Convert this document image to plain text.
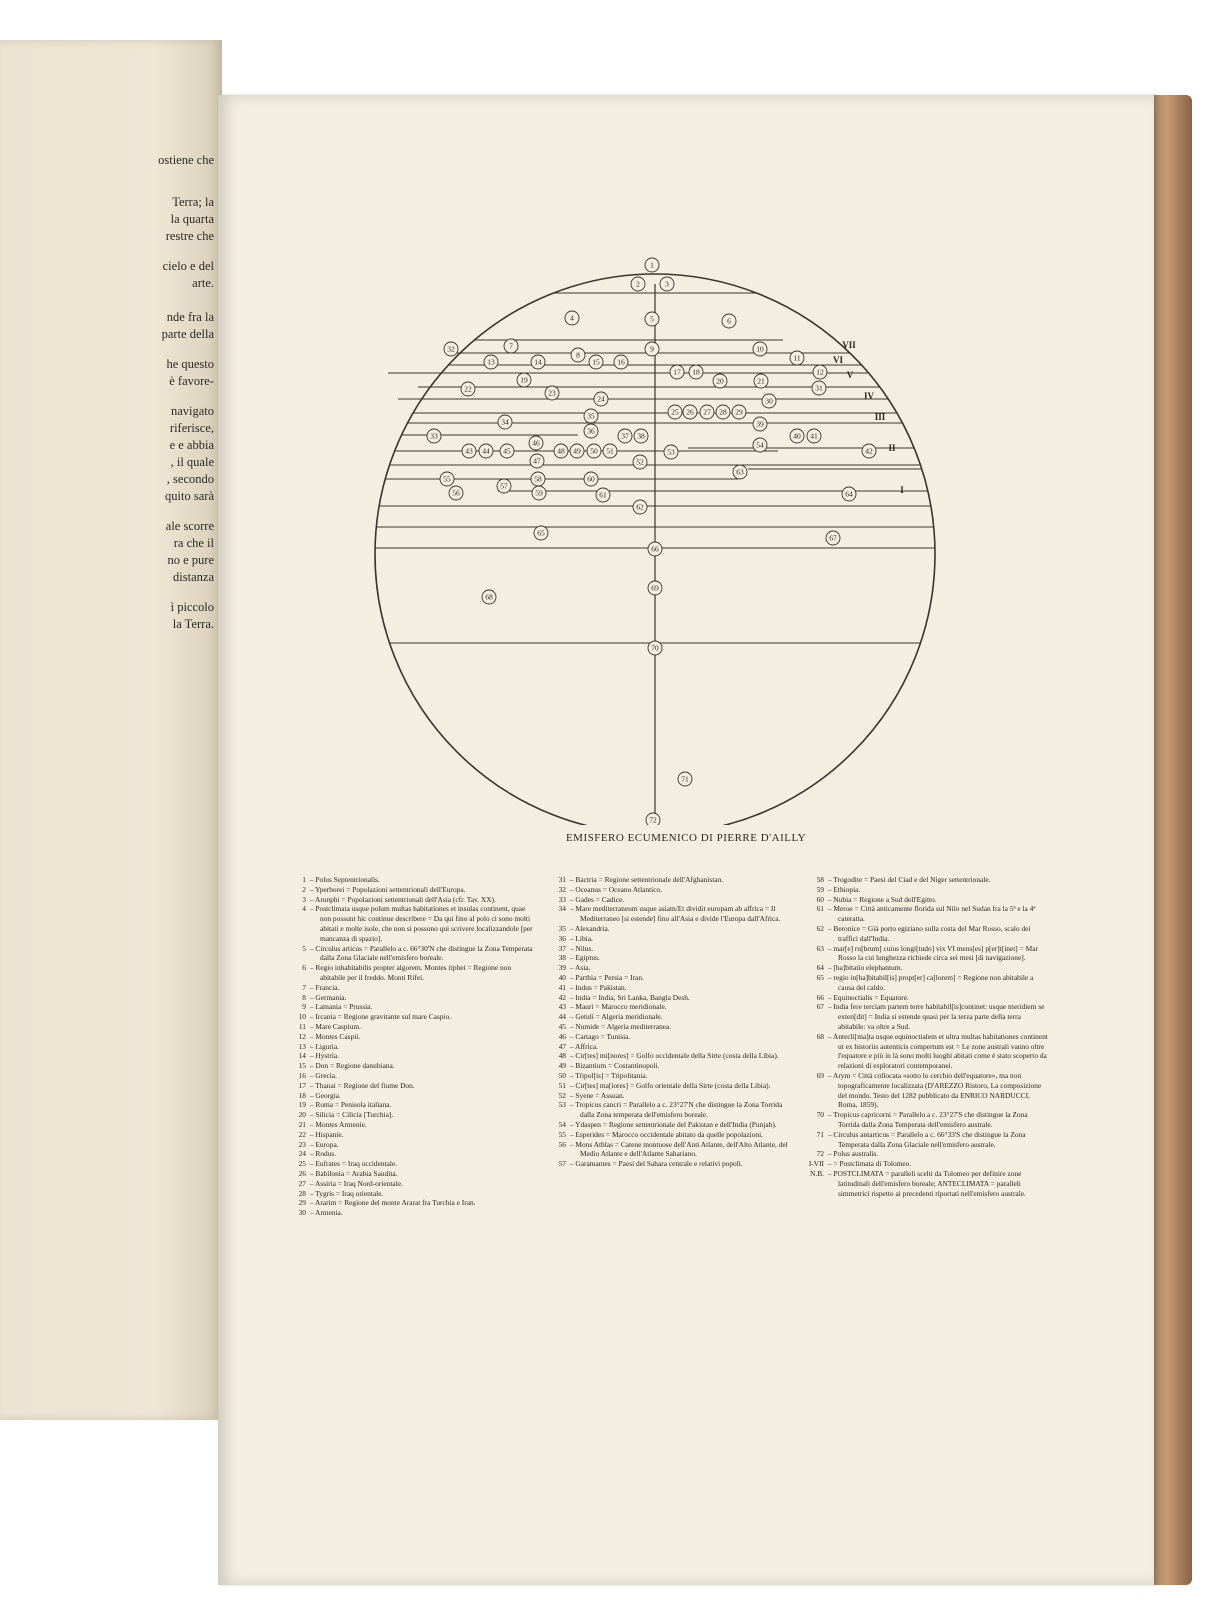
ostiene che
Terra; la
la quarta
restre che
cielo e del
arte.
nde fra la
parte della
he questo
è favore-
navigato
riferisce,
e e abbia
, il quale
, secondo
quito sarà
ale scorre
ra che il
no e pure
distanza
ì piccolo
la Terra.
1
2	3
4	5	6
7
8
9	10
11
12
13	14	15 16
17 18
19	20	21
22	23
24
25 26 27 28 29
30
31
32
33
34
35
36
37 38
39
40 41
42
43 44 45
46
47
48 49 50 51
52
53
54
55
56
57
58
59
60
61
62
63
64
65
66
67
68
69
70
71
72
VII
VI
V
IV
III
II
I
EMISFERO ECUMENICO DI PIERRE D'AILLY
1 – Polus Septentrionalis.
2 – Yperborei = Popolazioni settentrionali dell'Europa.
3 – Arunphi = Popolazioni settentrionali dell'Asia (cfr. Tav. XX).
4 – Postclimata usque polum multas habitationes et insulas continent, quae non possunt hic continue describere = Da qui fino al polo ci sono molti abitati e molte isole, che non si possono qui scrivere localizzandole [per mancanza di spazio].
5 – Circulus articus = Parallelo a c. 66°30'N che distingue la Zona Temperata dalla Zona Glaciale nell'emisfero boreale.
6 – Regio inhabitabilis propter algorem. Montes riphei = Regione non abitabile per il freddo. Monti Rifei.
7 – Francia.
8 – Germania.
9 – Lamania = Prussia.
10 – Ircania = Regione gravitante sul mare Caspio.
11 – Mare Caspium.
12 – Montes Caspii.
13 – Liguria.
14 – Hystria.
15 – Don = Regione danubiana.
16 – Grecia.
17 – Thanai = Regione del fiume Don.
18 – Georgia.
19 – Roma = Penisola italiana.
20 – Silicia = Cilicia [Turchia].
21 – Montes Armenie.
22 – Hispanie.
23 – Europa.
24 – Rodus.
25 – Eufrates = Iraq occidentale.
26 – Babilonia = Arabia Saudita.
27 – Assiria = Iraq Nord-orientale.
28 – Tygris = Iraq orientale.
29 – Ararim = Regione del monte Ararat fra Turchia e Iran.
30 – Armenia.
31 – Bactria = Regione settentrionale dell'Afghanistan.
32 – Oceanus = Oceano Atlantico.
33 – Gades = Cadice.
34 – Mare mediterraneum usque asiam/Et dividit europam ab affrica = Il Mediterraneo [si estende] fino all'Asia e divide l'Europa dall'Africa.
35 – Alexandria.
36 – Libia.
37 – Nilus.
38 – Egiptus.
39 – Asia.
40 – Parthia = Persia = Iran.
41 – Indus = Pakistan.
42 – India = India, Sri Lanka, Bangla Desh.
43 – Mauri = Marocco meridionale.
44 – Getuli = Algeria meridionale.
45 – Numide = Algeria mediterranea.
46 – Cartago = Tunisia.
47 – Affrica.
48 – Cir[tes] mi[nores] = Golfo occidentale della Sirte (costa della Libia).
49 – Bizantium = Costantinopoli.
50 – Tripol[is] = Tripolitania.
51 – Cir[tes] ma[iores] = Golfo orientale della Sirte (costa della Libia).
52 – Syene = Assuan.
53 – Tropicus cancri = Parallelo a c. 23°27'N che distingue la Zona Torrida dalla Zona temperata dell'emisfero boreale.
54 – Ydaspen = Regione settentrionale del Pakistan e dell'India (Punjab).
55 – Esperides = Marocco occidentale abitato da quelle popolazioni.
56 – Mons Athlas = Catene montuose dell'Anti Atlante, dell'Alto Atlante, del Medio Atlante e dell'Atlante Sahariano.
57 – Garamantes = Paesi del Sahara centrale e relativi popoli.
58 – Trogodite = Paesi del Ciad e del Niger settentrionale.
59 – Ethiopia.
60 – Nubia = Regione a Sud dell'Egitto.
61 – Meroe = Città anticamente florida sul Nilo nel Sudan fra la 5ª e la 4ª cateratta.
62 – Beronice = Già porto egiziano sulla costa del Mar Rosso, scalo dei traffici dall'India.
63 – mar[e] ru[brum] cuius longi[tudo] vix VI mens[es] p[er]t[inet] = Mar Rosso la cui lunghezza richiede circa sei mesi [di navigazione].
64 – [ha]bitatio elephantum.
65 – regio in[ha]bitabil[is] propt[er] ca[lorem] = Regione non abitabile a causa del caldo.
66 – Equinoctialis = Equatore.
67 – India fere terciam partem terre habitabil[is]continet: usque meridiem se exten[dit] = India si estende quasi per la terza parte della terra abitabile: va oltre a Sud.
68 – Antecli[ma]ta usque equinoctialem et ultra multas habitationes continent ut ex historiis autenticis compertum est = Le zone australi vanno oltre l'equatore e più in là sono molti luoghi abitati come è stato scoperto da relazioni di esploratori contemporanei.
69 – Arym = Città collocata «sotto lo cerchio dell'equatore», ma non topograficamente localizzata (D'AREZZO Ristoro, La composizione del mondo. Testo del 1282 pubblicato da ENRICO NARDUCCI, Roma, 1859).
70 – Tropicus capricorni = Parallelo a c. 23°27'S che distingue la Zona Torrida dalla Zona Temperata dell'emisfero australe.
71 – Circulus antarticus = Parallelo a c. 66°33'S che distingue la Zona Temperata dalla Zona Glaciale nell'emisfero australe.
72 – Polus australis.
I-VII – = Postclimata di Tolomeo.
N.B. – POSTCLIMATA = paralleli scelti da Tolomeo per definire zone latitudinali dell'emisfero boreale; ANTECLIMATA = paralleli simmetrici rispetto ai precedenti riportati nell'emisfero australe.
